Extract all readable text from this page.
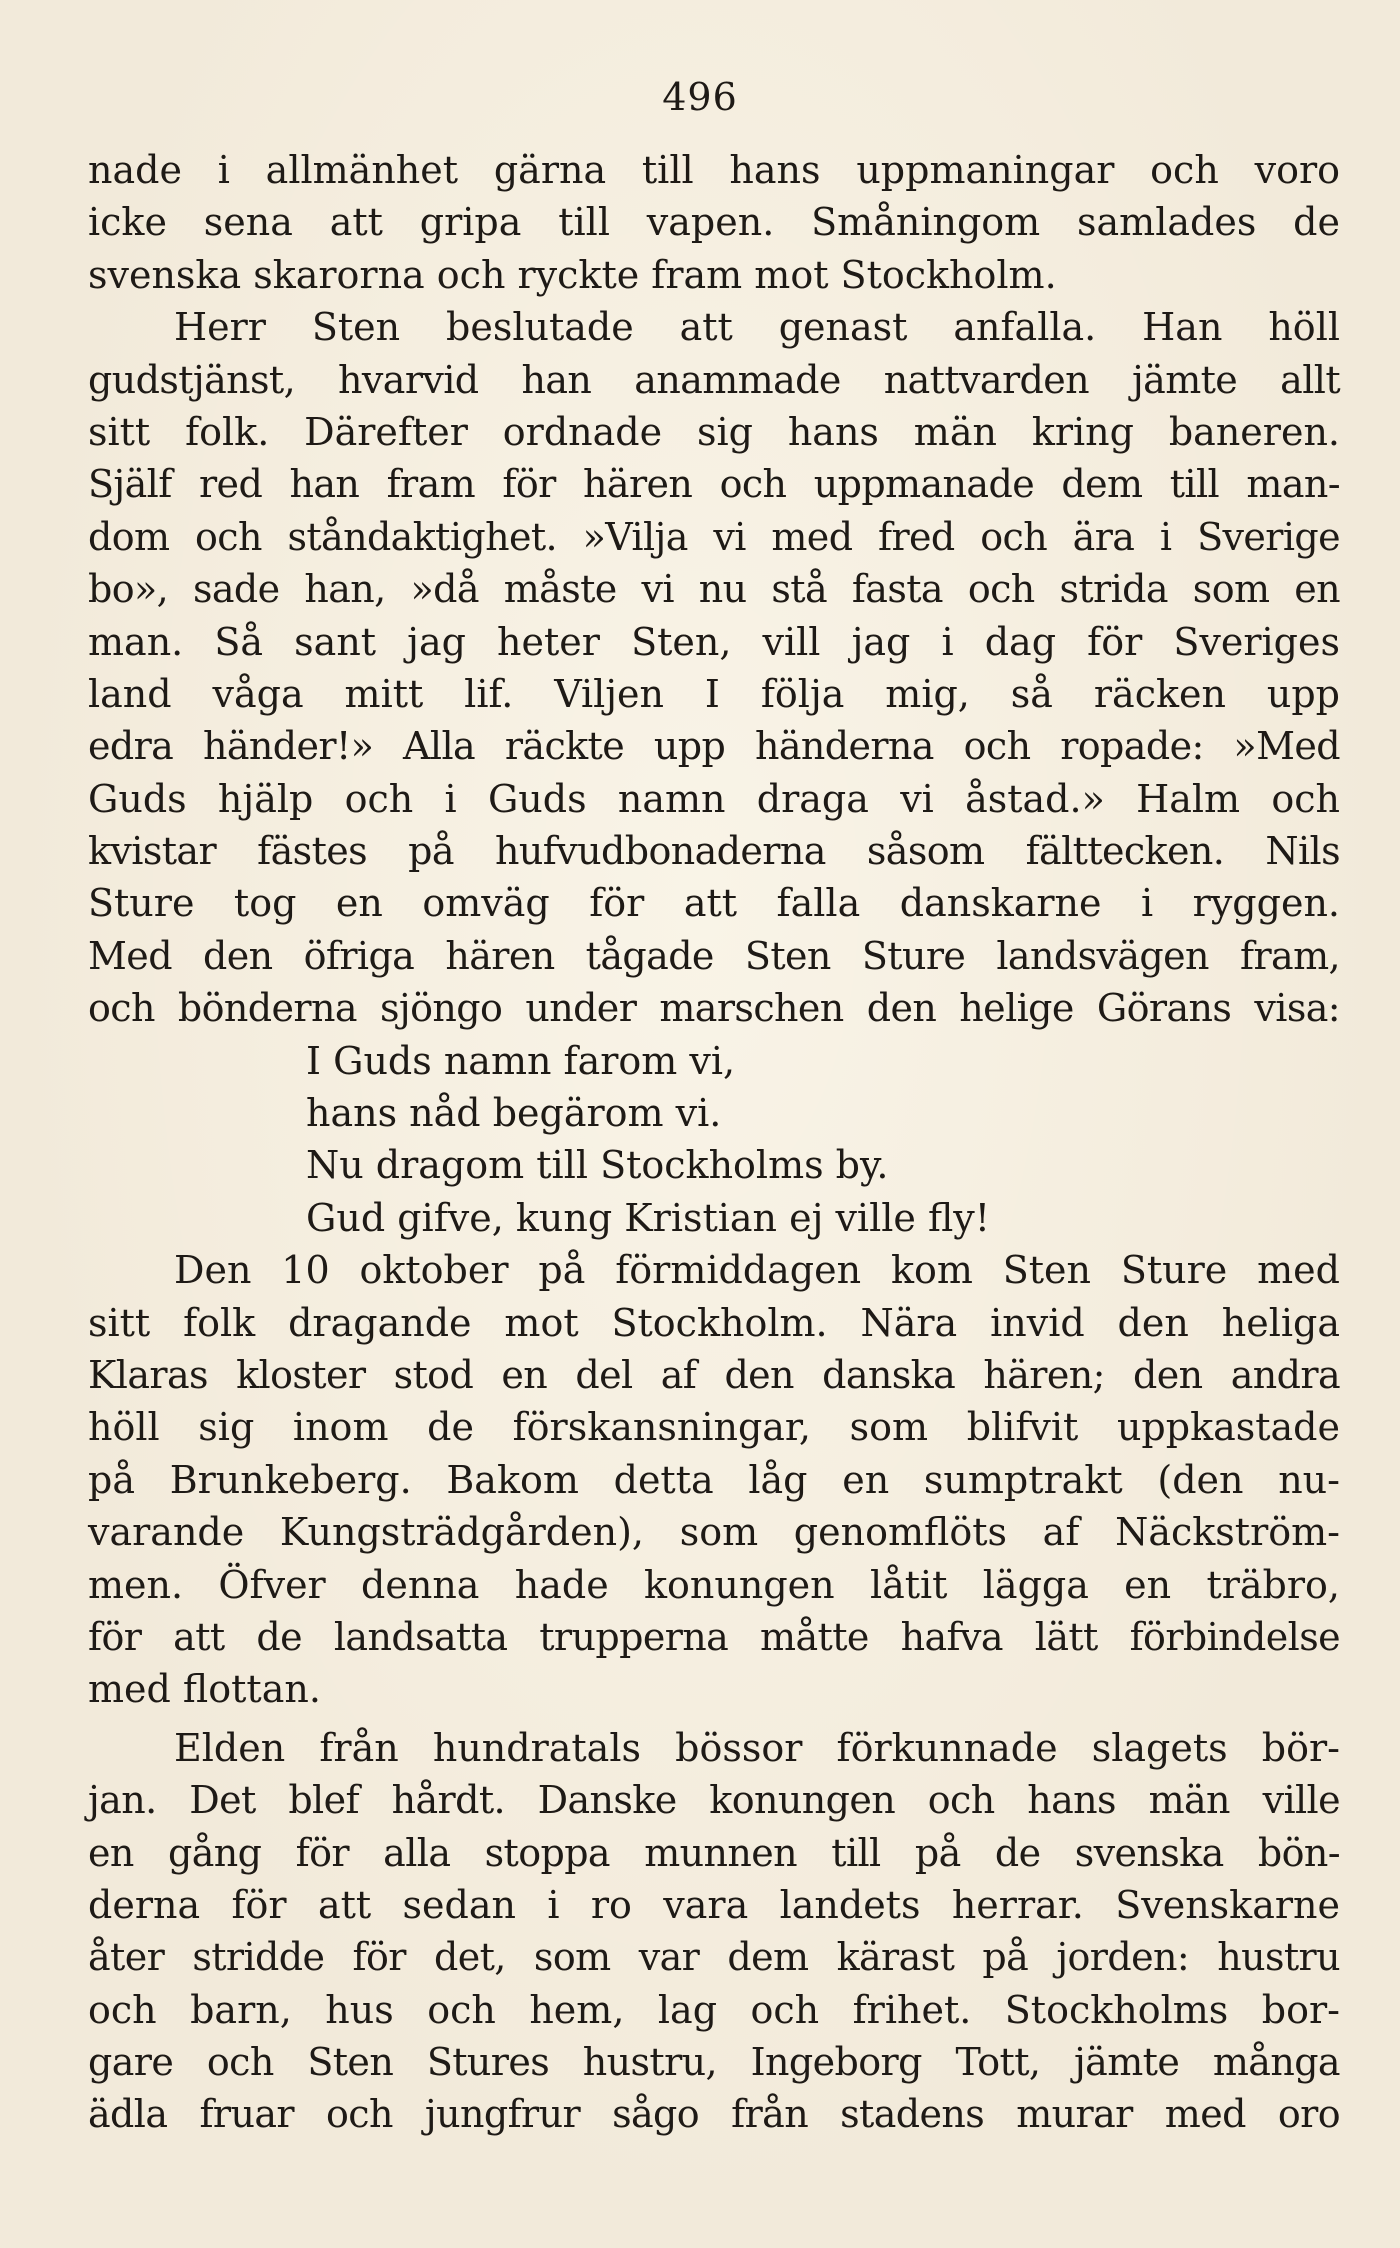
496
nade i allmänhet gärna till hans uppmaningar och voro
icke sena att gripa till vapen. Småningom samlades de
svenska skarorna och ryckte fram mot Stockholm.
Herr Sten beslutade att genast anfalla. Han höll
gudstjänst, hvarvid han anammade nattvarden jämte allt
sitt folk. Därefter ordnade sig hans män kring baneren.
Själf red han fram för hären och uppmanade dem till man-
dom och ståndaktighet. »Vilja vi med fred och ära i Sverige
bo», sade han, »då måste vi nu stå fasta och strida som en
man. Så sant jag heter Sten, vill jag i dag för Sveriges
land våga mitt lif. Viljen I följa mig, så räcken upp
edra händer!» Alla räckte upp händerna och ropade: »Med
Guds hjälp och i Guds namn draga vi åstad.» Halm och
kvistar fästes på hufvudbonaderna såsom fälttecken. Nils
Sture tog en omväg för att falla danskarne i ryggen.
Med den öfriga hären tågade Sten Sture landsvägen fram,
och bönderna sjöngo under marschen den helige Görans visa:
I Guds namn farom vi,
hans nåd begärom vi.
Nu dragom till Stockholms by.
Gud gifve, kung Kristian ej ville fly!
Den 10 oktober på förmiddagen kom Sten Sture med
sitt folk dragande mot Stockholm. Nära invid den heliga
Klaras kloster stod en del af den danska hären; den andra
höll sig inom de förskansningar, som blifvit uppkastade
på Brunkeberg. Bakom detta låg en sumptrakt (den nu-
varande Kungsträdgården), som genomflöts af Näckström-
men. Öfver denna hade konungen låtit lägga en träbro,
för att de landsatta trupperna måtte hafva lätt förbindelse
med flottan.
Elden från hundratals bössor förkunnade slagets bör-
jan. Det blef hårdt. Danske konungen och hans män ville
en gång för alla stoppa munnen till på de svenska bön-
derna för att sedan i ro vara landets herrar. Svenskarne
åter stridde för det, som var dem kärast på jorden: hustru
och barn, hus och hem, lag och frihet. Stockholms bor-
gare och Sten Stures hustru, Ingeborg Tott, jämte många
ädla fruar och jungfrur sågo från stadens murar med oro
